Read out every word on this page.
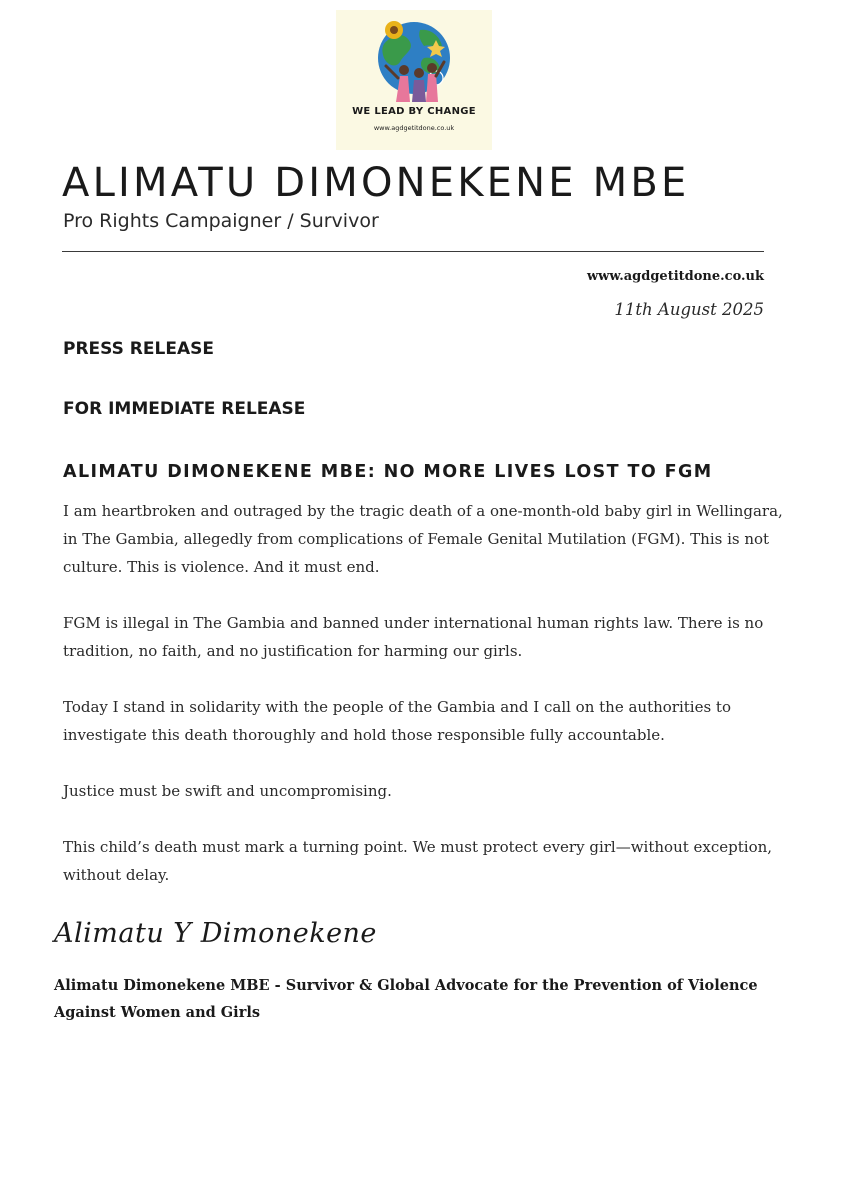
WE LEAD BY CHANGE
www.agdgetitdone.co.uk
ALIMATU DIMONEKENE MBE
Pro Rights Campaigner / Survivor
www.agdgetitdone.co.uk
11th August 2025
PRESS RELEASE
FOR IMMEDIATE RELEASE
ALIMATU DIMONEKENE MBE: NO MORE LIVES LOST TO FGM

I am heartbroken and outraged by the tragic death of a one-month-old baby girl in Wellingara, in The Gambia, allegedly from complications of Female Genital Mutilation (FGM). This is not culture. This is violence. And it must end.

FGM is illegal in The Gambia and banned under international human rights law. There is no tradition, no faith, and no justification for harming our girls.

Today I stand in solidarity with the people of the Gambia and I call on the authorities to investigate this death thoroughly and hold those responsible fully accountable.

Justice must be swift and uncompromising.

This child’s death must mark a turning point. We must protect every girl—without exception, without delay.

Alimatu Y Dimonekene
Alimatu Dimonekene MBE - Survivor & Global Advocate for the Prevention of Violence Against Women and Girls
